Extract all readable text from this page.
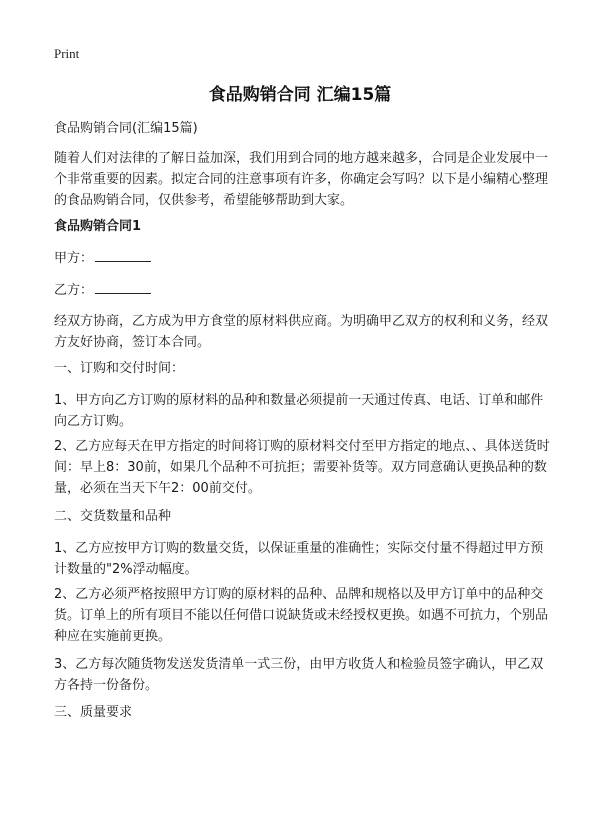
Print
食品购销合同 汇编15篇

食品购销合同(汇编15篇)

随着人们对法律的了解日益加深，我们用到合同的地方越来越多，合同是企业发展中一个非常重要的因素。拟定合同的注意事项有许多，你确定会写吗？以下是小编精心整理的食品购销合同，仅供参考，希望能够帮助到大家。

食品购销合同1

甲方：

乙方：

经双方协商，乙方成为甲方食堂的原材料供应商。为明确甲乙双方的权利和义务，经双方友好协商，签订本合同。

一、订购和交付时间：

1、甲方向乙方订购的原材料的品种和数量必须提前一天通过传真、电话、订单和邮件向乙方订购。

2、乙方应每天在甲方指定的时间将订购的原材料交付至甲方指定的地点、、具体送货时间：早上8：30前，如果几个品种不可抗拒；需要补货等。双方同意确认更换品种的数量，必须在当天下午2：00前交付。

二、交货数量和品种

1、乙方应按甲方订购的数量交货，以保证重量的准确性；实际交付量不得超过甲方预计数量的"2%浮动幅度。

2、乙方必须严格按照甲方订购的原材料的品种、品牌和规格以及甲方订单中的品种交货。订单上的所有项目不能以任何借口说缺货或未经授权更换。如遇不可抗力，个别品种应在实施前更换。

3、乙方每次随货物发送发货清单一式三份，由甲方收货人和检验员签字确认，甲乙双方各持一份备份。

三、质量要求
